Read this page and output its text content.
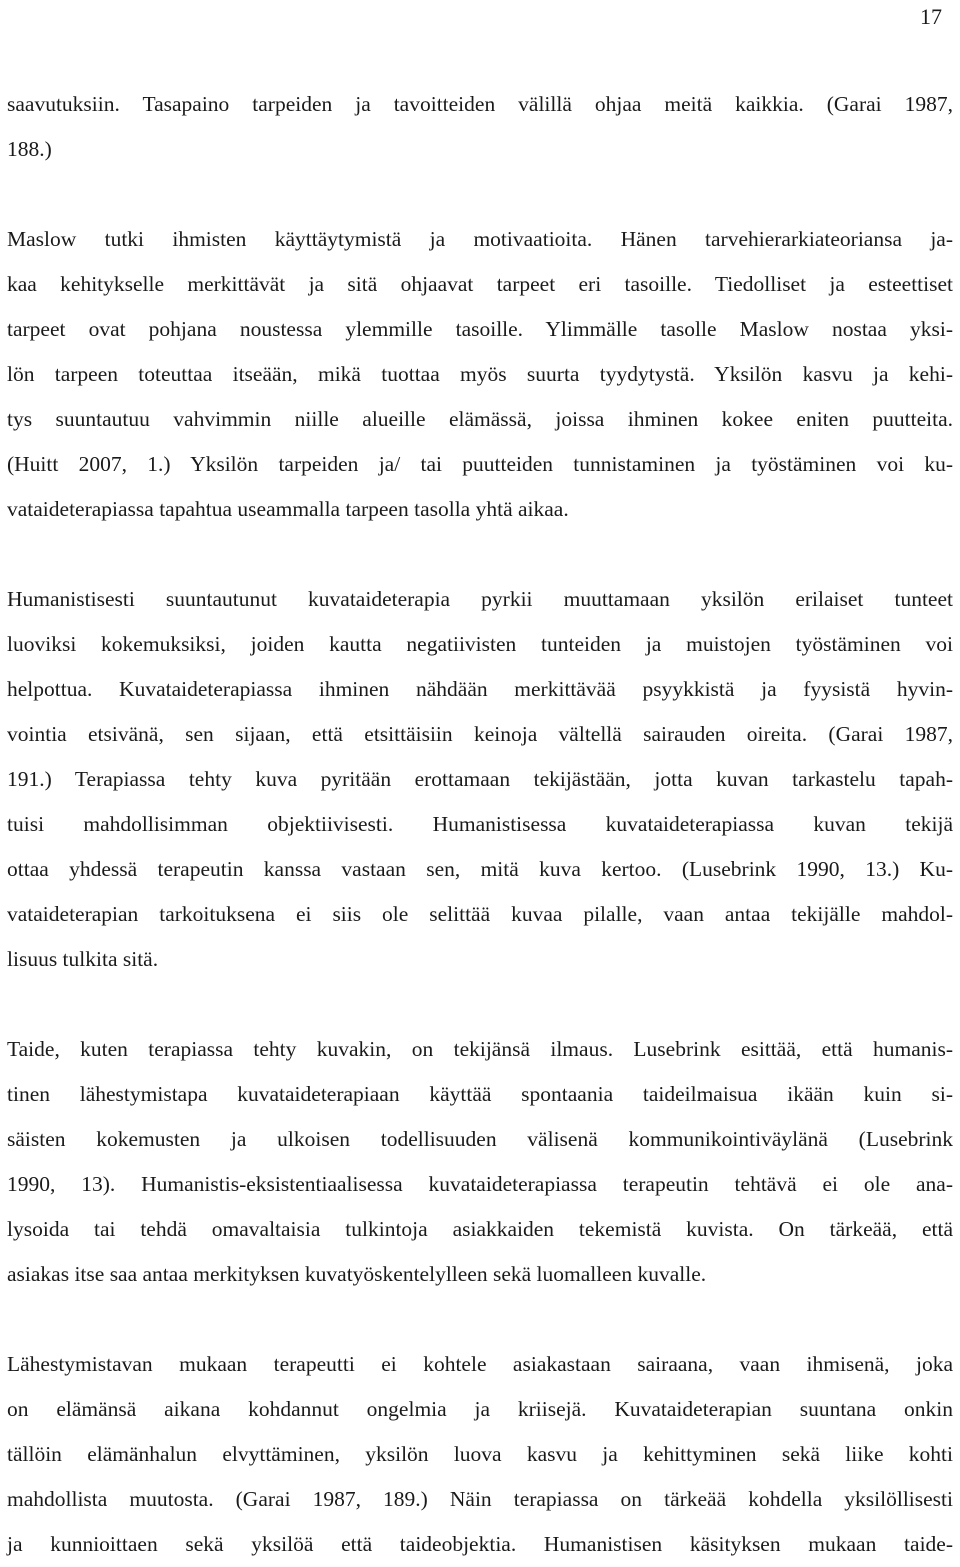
17
saavutuksiin. Tasapaino tarpeiden ja tavoitteiden välillä ohjaa meitä kaikkia. (Garai 1987,
188.)
Maslow tutki ihmisten käyttäytymistä ja motivaatioita. Hänen tarvehierarkiateoriansa ja-
kaa kehitykselle merkittävät ja sitä ohjaavat tarpeet eri tasoille. Tiedolliset ja esteettiset
tarpeet ovat pohjana noustessa ylemmille tasoille. Ylimmälle tasolle Maslow nostaa yksi-
lön tarpeen toteuttaa itseään, mikä tuottaa myös suurta tyydytystä. Yksilön kasvu ja kehi-
tys suuntautuu vahvimmin niille alueille elämässä, joissa ihminen kokee eniten puutteita.
(Huitt 2007, 1.) Yksilön tarpeiden ja/ tai puutteiden tunnistaminen ja työstäminen voi ku-
vataideterapiassa tapahtua useammalla tarpeen tasolla yhtä aikaa.
Humanistisesti suuntautunut kuvataideterapia pyrkii muuttamaan yksilön erilaiset tunteet
luoviksi kokemuksiksi, joiden kautta negatiivisten tunteiden ja muistojen työstäminen voi
helpottua. Kuvataideterapiassa ihminen nähdään merkittävää psyykkistä ja fyysistä hyvin-
vointia etsivänä, sen sijaan, että etsittäisiin keinoja vältellä sairauden oireita. (Garai 1987,
191.) Terapiassa tehty kuva pyritään erottamaan tekijästään, jotta kuvan tarkastelu tapah-
tuisi mahdollisimman objektiivisesti. Humanistisessa kuvataideterapiassa kuvan tekijä
ottaa yhdessä terapeutin kanssa vastaan sen, mitä kuva kertoo. (Lusebrink 1990, 13.) Ku-
vataideterapian tarkoituksena ei siis ole selittää kuvaa pilalle, vaan antaa tekijälle mahdol-
lisuus tulkita sitä.
Taide, kuten terapiassa tehty kuvakin, on tekijänsä ilmaus. Lusebrink esittää, että humanis-
tinen lähestymistapa kuvataideterapiaan käyttää spontaania taideilmaisua ikään kuin si-
säisten kokemusten ja ulkoisen todellisuuden välisenä kommunikointiväylänä (Lusebrink
1990, 13). Humanistis-eksistentiaalisessa kuvataideterapiassa terapeutin tehtävä ei ole ana-
lysoida tai tehdä omavaltaisia tulkintoja asiakkaiden tekemistä kuvista. On tärkeää, että
asiakas itse saa antaa merkityksen kuvatyöskentelylleen sekä luomalleen kuvalle.
Lähestymistavan mukaan terapeutti ei kohtele asiakastaan sairaana, vaan ihmisenä, joka
on elämänsä aikana kohdannut ongelmia ja kriisejä. Kuvataideterapian suuntana onkin
tällöin elämänhalun elvyttäminen, yksilön luova kasvu ja kehittyminen sekä liike kohti
mahdollista muutosta. (Garai 1987, 189.) Näin terapiassa on tärkeää kohdella yksilöllisesti
ja kunnioittaen sekä yksilöä että taideobjektia. Humanistisen käsityksen mukaan taide-
